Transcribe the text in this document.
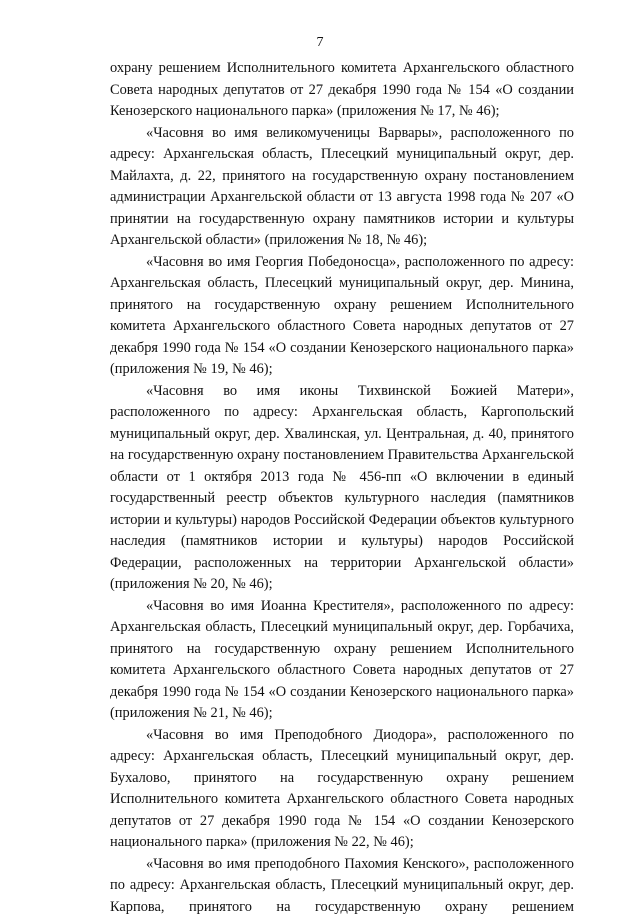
7

охрану решением Исполнительного комитета Архангельского областного Совета народных депутатов от 27 декабря 1990 года № 154 «О создании Кенозерского национального парка» (приложения № 17, № 46);

«Часовня во имя великомученицы Варвары», расположенного по адресу: Архангельская область, Плесецкий муниципальный округ, дер. Майлахта, д. 22, принятого на государственную охрану постановлением администрации Архангельской области от 13 августа 1998 года № 207 «О принятии на государственную охрану памятников истории и культуры Архангельской области» (приложения № 18, № 46);

«Часовня во имя Георгия Победоносца», расположенного по адресу: Архангельская область, Плесецкий муниципальный округ, дер. Минина, принятого на государственную охрану решением Исполнительного комитета Архангельского областного Совета народных депутатов от 27 декабря 1990 года № 154 «О создании Кенозерского национального парка» (приложения № 19, № 46);

«Часовня во имя иконы Тихвинской Божией Матери», расположенного по адресу: Архангельская область, Каргопольский муниципальный округ, дер. Хвалинская, ул. Центральная, д. 40, принятого на государственную охрану постановлением Правительства Архангельской области от 1 октября 2013 года № 456-пп «О включении в единый государственный реестр объектов культурного наследия (памятников истории и культуры) народов Российской Федерации объектов культурного наследия (памятников истории и культуры) народов Российской Федерации, расположенных на территории Архангельской области» (приложения № 20, № 46);

«Часовня во имя Иоанна Крестителя», расположенного по адресу: Архангельская область, Плесецкий муниципальный округ, дер. Горбачиха, принятого на государственную охрану решением Исполнительного комитета Архангельского областного Совета народных депутатов от 27 декабря 1990 года № 154 «О создании Кенозерского национального парка» (приложения № 21, № 46);

«Часовня во имя Преподобного Диодора», расположенного по адресу: Архангельская область, Плесецкий муниципальный округ, дер. Бухалово, принятого на государственную охрану решением Исполнительного комитета Архангельского областного Совета народных депутатов от 27 декабря 1990 года № 154 «О создании Кенозерского национального парка» (приложения № 22, № 46);

«Часовня во имя преподобного Пахомия Кенского», расположенного по адресу: Архангельская область, Плесецкий муниципальный округ, дер. Карпова, принятого на государственную охрану решением
